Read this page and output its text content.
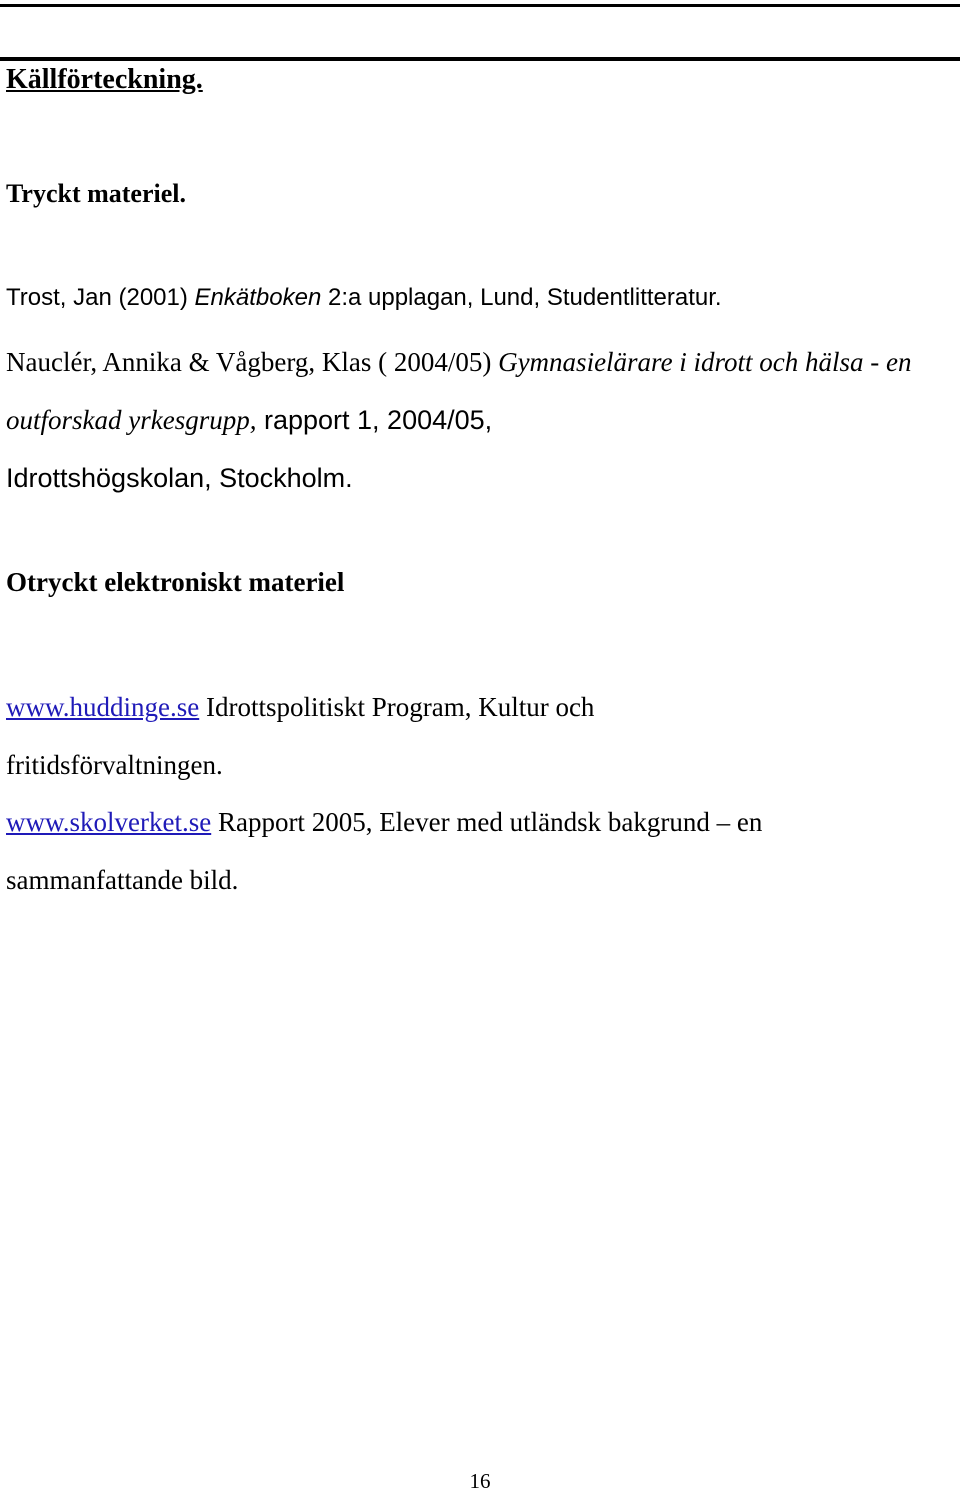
Källförteckning.
Tryckt materiel.

Trost, Jan (2001) Enkätboken 2:a upplagan, Lund, Studentlitteratur.

Nauclér, Annika & Vågberg, Klas ( 2004/05) Gymnasielärare i idrott och hälsa - en outforskad yrkesgrupp, rapport 1, 2004/05,
Idrottshögskolan, Stockholm.

Otryckt elektroniskt materiel

www.huddinge.se Idrottspolitiskt Program, Kultur och
fritidsförvaltningen.

www.skolverket.se Rapport 2005, Elever med utländsk bakgrund – en
sammanfattande bild.

16
